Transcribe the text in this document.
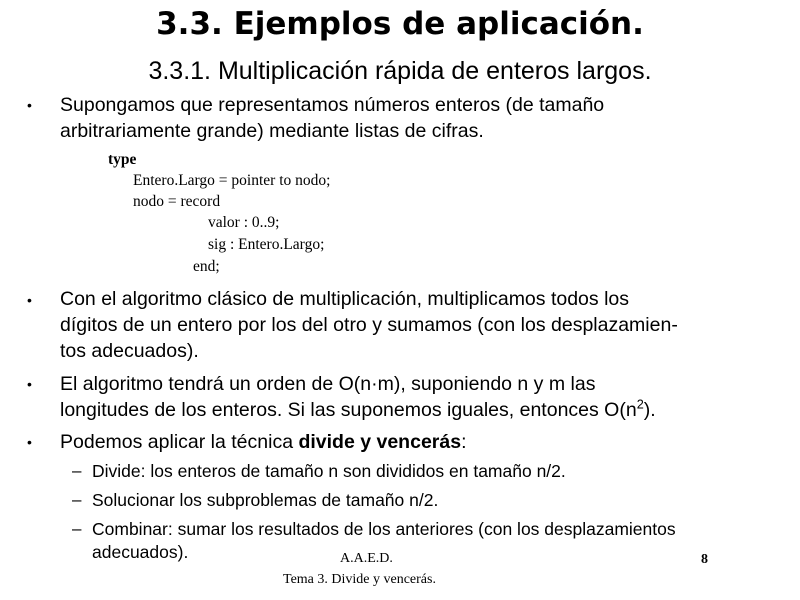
3.3. Ejemplos de aplicación.
3.3.1. Multiplicación rápida de enteros largos.
• Supongamos que representamos números enteros (de tamaño
arbitrariamente grande) mediante listas de cifras.
type
Entero.Largo = pointer to nodo;
nodo = record
valor : 0..9;
sig : Entero.Largo;
end;
• Con el algoritmo clásico de multiplicación, multiplicamos todos los
dígitos de un entero por los del otro y sumamos (con los desplazamien-
tos adecuados).
• El algoritmo tendrá un orden de O(n·m), suponiendo n y m las
longitudes de los enteros. Si las suponemos iguales, entonces $O(n^2)$.
• Podemos aplicar la técnica divide y vencerás:
– Divide: los enteros de tamaño n son divididos en tamaño n/2.
– Solucionar los subproblemas de tamaño n/2.
– Combinar: sumar los resultados de los anteriores (con los desplazamientos
adecuados).	A.A.E.D.
Tema 3. Divide y vencerás.
8
